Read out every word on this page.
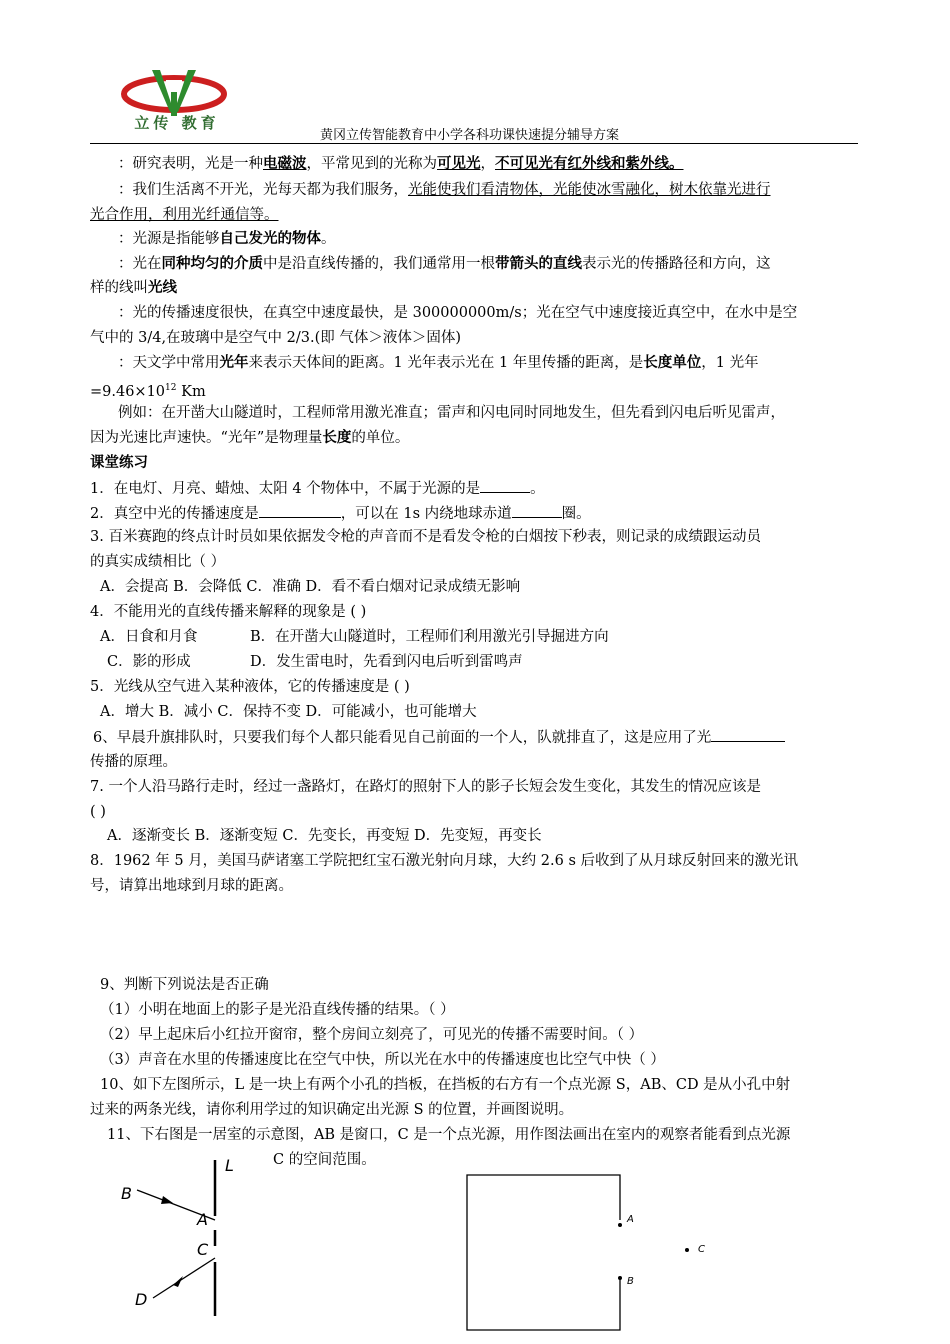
立传 教育
黄冈立传智能教育中小学各科功课快速提分辅导方案
：研究表明，光是一种电磁波，平常见到的光称为可见光，不可见光有红外线和紫外线。
：我们生活离不开光，光每天都为我们服务，光能使我们看清物体，光能使冰雪融化，树木依靠光进行
光合作用，利用光纤通信等。
：光源是指能够自己发光的物体。
：光在同种均匀的介质中是沿直线传播的，我们通常用一根带箭头的直线表示光的传播路径和方向，这
样的线叫光线
：光的传播速度很快，在真空中速度最快，是 300000000m/s；光在空气中速度接近真空中，在水中是空
气中的 3/4,在玻璃中是空气中 2/3.(即 气体＞液体＞固体)
：天文学中常用光年来表示天体间的距离。1 光年表示光在 1 年里传播的距离，是长度单位，1 光年
$=9.46\times 10^{12}$ Km
例如：在开凿大山隧道时，工程师常用激光准直；雷声和闪电同时同地发生，但先看到闪电后听见雷声，
因为光速比声速快。“光年”是物理量长度的单位。
课堂练习
1．在电灯、月亮、蜡烛、太阳 4 个物体中，不属于光源的是	。
2．真空中光的传播速度是	，可以在 1s 内绕地球赤道	圈。
3. 百米赛跑的终点计时员如果依据发令枪的声音而不是看发令枪的白烟按下秒表，则记录的成绩跟运动员
的真实成绩相比（ ）
A．会提高 B．会降低 C．准确 D．看不看白烟对记录成绩无影响
4．不能用光的直线传播来解释的现象是 ( )
A．日食和月食	B．在开凿大山隧道时，工程师们利用激光引导掘进方向
C．影的形成	D．发生雷电时，先看到闪电后听到雷鸣声
5．光线从空气进入某种液体，它的传播速度是 ( )
A．增大 B．减小 C．保持不变 D．可能减小，也可能增大
6、早晨升旗排队时，只要我们每个人都只能看见自己前面的一个人，队就排直了，这是应用了光
传播的原理。
7. 一个人沿马路行走时，经过一盏路灯，在路灯的照射下人的影子长短会发生变化，其发生的情况应该是
( )
A．逐渐变长 B．逐渐变短 C．先变长，再变短 D．先变短，再变长
8．1962 年 5 月，美国马萨诸塞工学院把红宝石激光射向月球，大约 2.6 s 后收到了从月球反射回来的激光讯
号，请算出地球到月球的距离。
9、判断下列说法是否正确
（1）小明在地面上的影子是光沿直线传播的结果。（ ）
（2）早上起床后小红拉开窗帘，整个房间立刻亮了，可见光的传播不需要时间。（ ）
（3）声音在水里的传播速度比在空气中快，所以光在水中的传播速度也比空气中快（ ）
10、如下左图所示，L 是一块上有两个小孔的挡板，在挡板的右方有一个点光源 S，AB、CD 是从小孔中射
过来的两条光线，请你利用学过的知识确定出光源 S 的位置，并画图说明。
11、下右图是一居室的示意图，AB 是窗口，C 是一个点光源，用作图法画出在室内的观察者能看到点光源
C 的空间范围。
L
B
A
C
D
A
B
C
